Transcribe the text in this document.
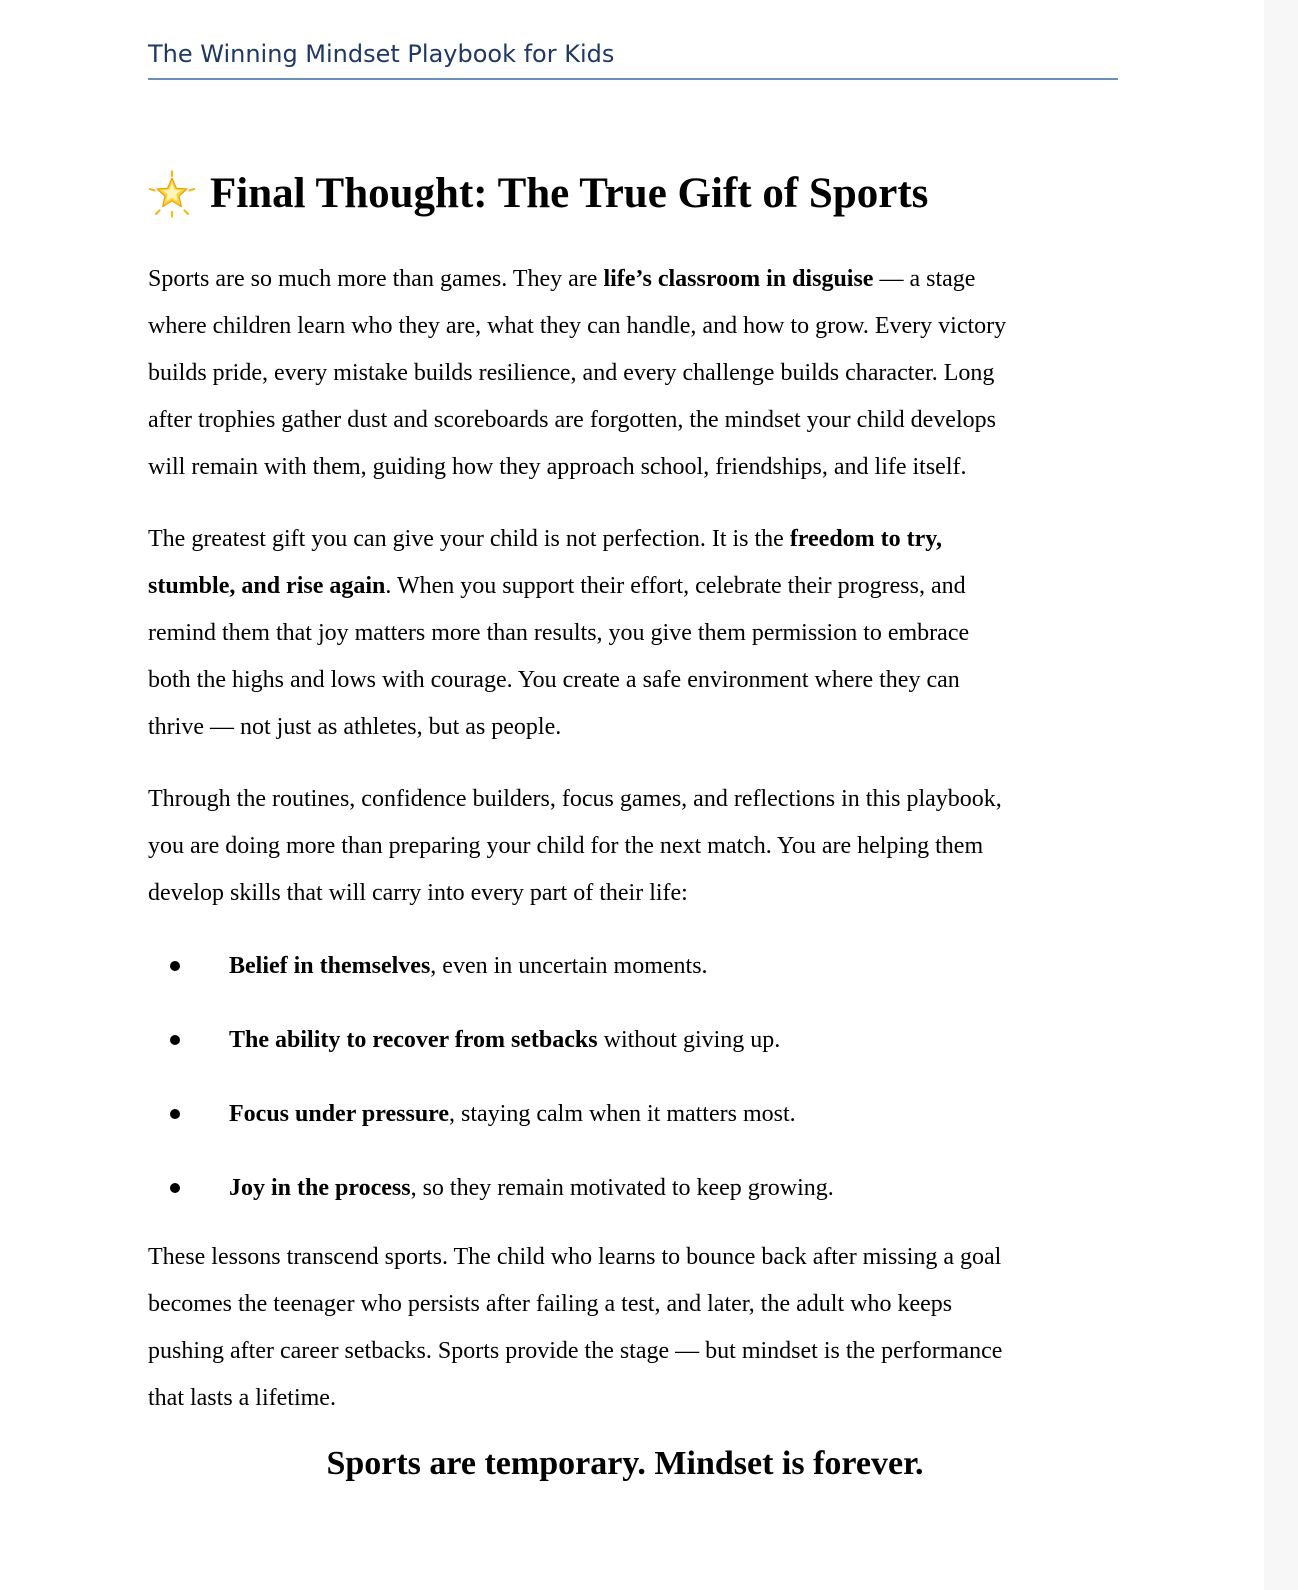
The Winning Mindset Playbook for Kids
Final Thought: The True Gift of Sports
Sports are so much more than games. They are life’s classroom in disguise — a stage
where children learn who they are, what they can handle, and how to grow. Every victory
builds pride, every mistake builds resilience, and every challenge builds character. Long
after trophies gather dust and scoreboards are forgotten, the mindset your child develops
will remain with them, guiding how they approach school, friendships, and life itself.
The greatest gift you can give your child is not perfection. It is the freedom to try,
stumble, and rise again. When you support their effort, celebrate their progress, and
remind them that joy matters more than results, you give them permission to embrace
both the highs and lows with courage. You create a safe environment where they can
thrive — not just as athletes, but as people.
Through the routines, confidence builders, focus games, and reflections in this playbook,
you are doing more than preparing your child for the next match. You are helping them
develop skills that will carry into every part of their life:
Belief in themselves, even in uncertain moments.
The ability to recover from setbacks without giving up.
Focus under pressure, staying calm when it matters most.
Joy in the process, so they remain motivated to keep growing.
These lessons transcend sports. The child who learns to bounce back after missing a goal
becomes the teenager who persists after failing a test, and later, the adult who keeps
pushing after career setbacks. Sports provide the stage — but mindset is the performance
that lasts a lifetime.
Sports are temporary. Mindset is forever.
